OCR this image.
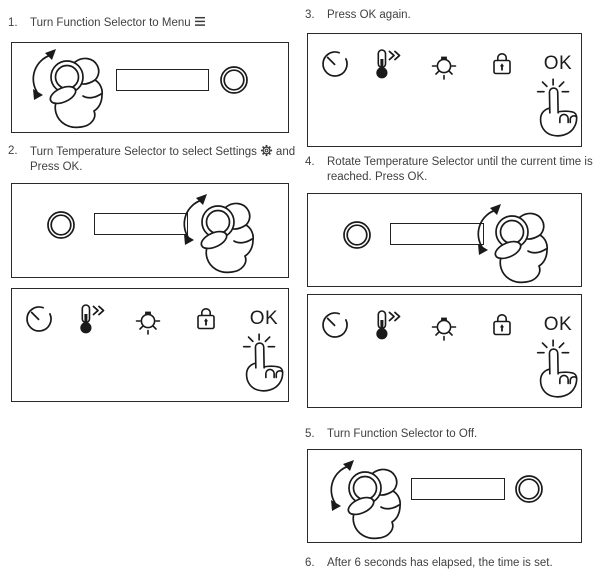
1.	Turn Function Selector to Menu
2.	Turn Temperature Selector to select Settings and
Press OK.
OK
3.	Press OK again.
OK
4.	Rotate Temperature Selector until the current time is
reached. Press OK.
OK
5.	Turn Function Selector to Off.
6.	After 6 seconds has elapsed, the time is set.
